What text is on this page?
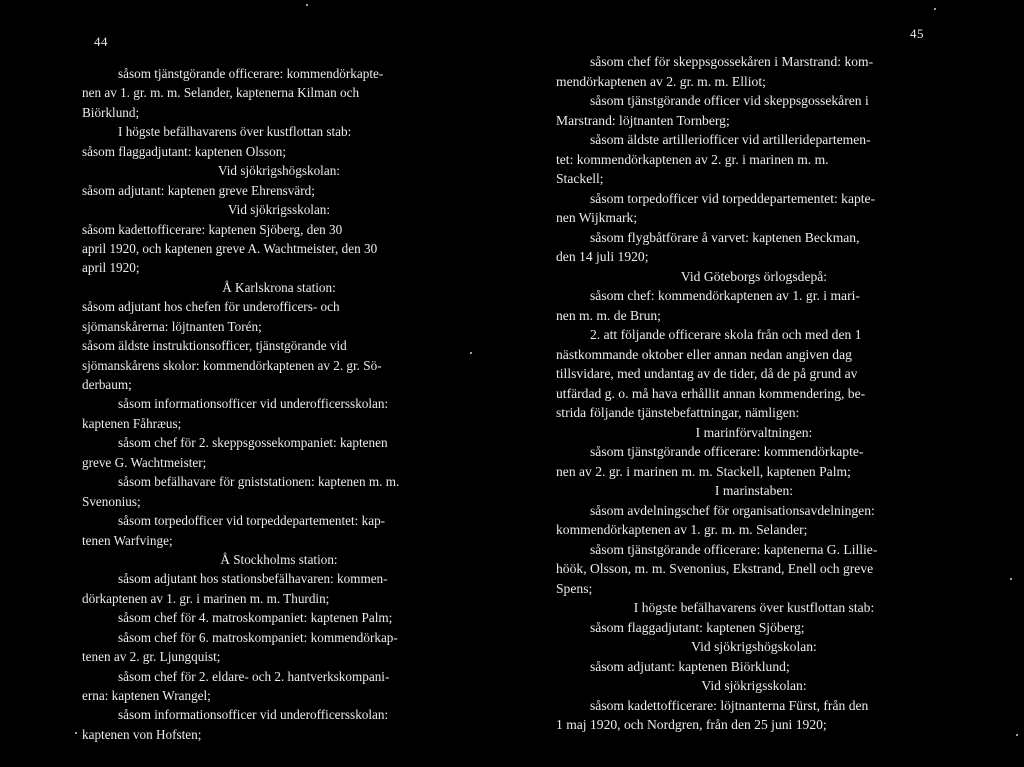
44
såsom tjänstgörande officerare: kommendörkapte-
nen av 1. gr. m. m. Selander, kaptenerna Kilman och
Biörklund;
I högste befälhavarens över kustflottan stab:
såsom flaggadjutant: kaptenen Olsson;
Vid sjökrigshögskolan:
såsom adjutant: kaptenen greve Ehrensvärd;
Vid sjökrigsskolan:
såsom kadettofficerare: kaptenen Sjöberg, den 30
april 1920, och kaptenen greve A. Wachtmeister, den 30
april 1920;
Å Karlskrona station:
såsom adjutant hos chefen för underofficers- och
sjömanskårerna: löjtnanten Torén;
såsom äldste instruktionsofficer, tjänstgörande vid
sjömanskårens skolor: kommendörkaptenen av 2. gr. Sö-
derbaum;
såsom informationsofficer vid underofficersskolan:
kaptenen Fåhræus;
såsom chef för 2. skeppsgossekompaniet: kaptenen
greve G. Wachtmeister;
såsom befälhavare för gniststationen: kaptenen m. m.
Svenonius;
såsom torpedofficer vid torpeddepartementet: kap-
tenen Warfvinge;
Å Stockholms station:
såsom adjutant hos stationsbefälhavaren: kommen-
dörkaptenen av 1. gr. i marinen m. m. Thurdin;
såsom chef för 4. matroskompaniet: kaptenen Palm;
såsom chef för 6. matroskompaniet: kommendörkap-
tenen av 2. gr. Ljungquist;
såsom chef för 2. eldare- och 2. hantverkskompani-
erna: kaptenen Wrangel;
såsom informationsofficer vid underofficersskolan:
kaptenen von Hofsten;
45
såsom chef för skeppsgossekåren i Marstrand: kom-
mendörkaptenen av 2. gr. m. m. Elliot;
såsom tjänstgörande officer vid skeppsgossekåren i
Marstrand: löjtnanten Tornberg;
såsom äldste artilleriofficer vid artilleridepartemen-
tet: kommendörkaptenen av 2. gr. i marinen m. m.
Stackell;
såsom torpedofficer vid torpeddepartementet: kapte-
nen Wijkmark;
såsom flygbåtförare å varvet: kaptenen Beckman,
den 14 juli 1920;
Vid Göteborgs örlogsdepå:
såsom chef: kommendörkaptenen av 1. gr. i mari-
nen m. m. de Brun;
2. att följande officerare skola från och med den 1
nästkommande oktober eller annan nedan angiven dag
tillsvidare, med undantag av de tider, då de på grund av
utfärdad g. o. må hava erhållit annan kommendering, be-
strida följande tjänstebefattningar, nämligen:
I marinförvaltningen:
såsom tjänstgörande officerare: kommendörkapte-
nen av 2. gr. i marinen m. m. Stackell, kaptenen Palm;
I marinstaben:
såsom avdelningschef för organisationsavdelningen:
kommendörkaptenen av 1. gr. m. m. Selander;
såsom tjänstgörande officerare: kaptenerna G. Lillie-
höök, Olsson, m. m. Svenonius, Ekstrand, Enell och greve
Spens;
I högste befälhavarens över kustflottan stab:
såsom flaggadjutant: kaptenen Sjöberg;
Vid sjökrigshögskolan:
såsom adjutant: kaptenen Biörklund;
Vid sjökrigsskolan:
såsom kadettofficerare: löjtnanterna Fürst, från den
1 maj 1920, och Nordgren, från den 25 juni 1920;
